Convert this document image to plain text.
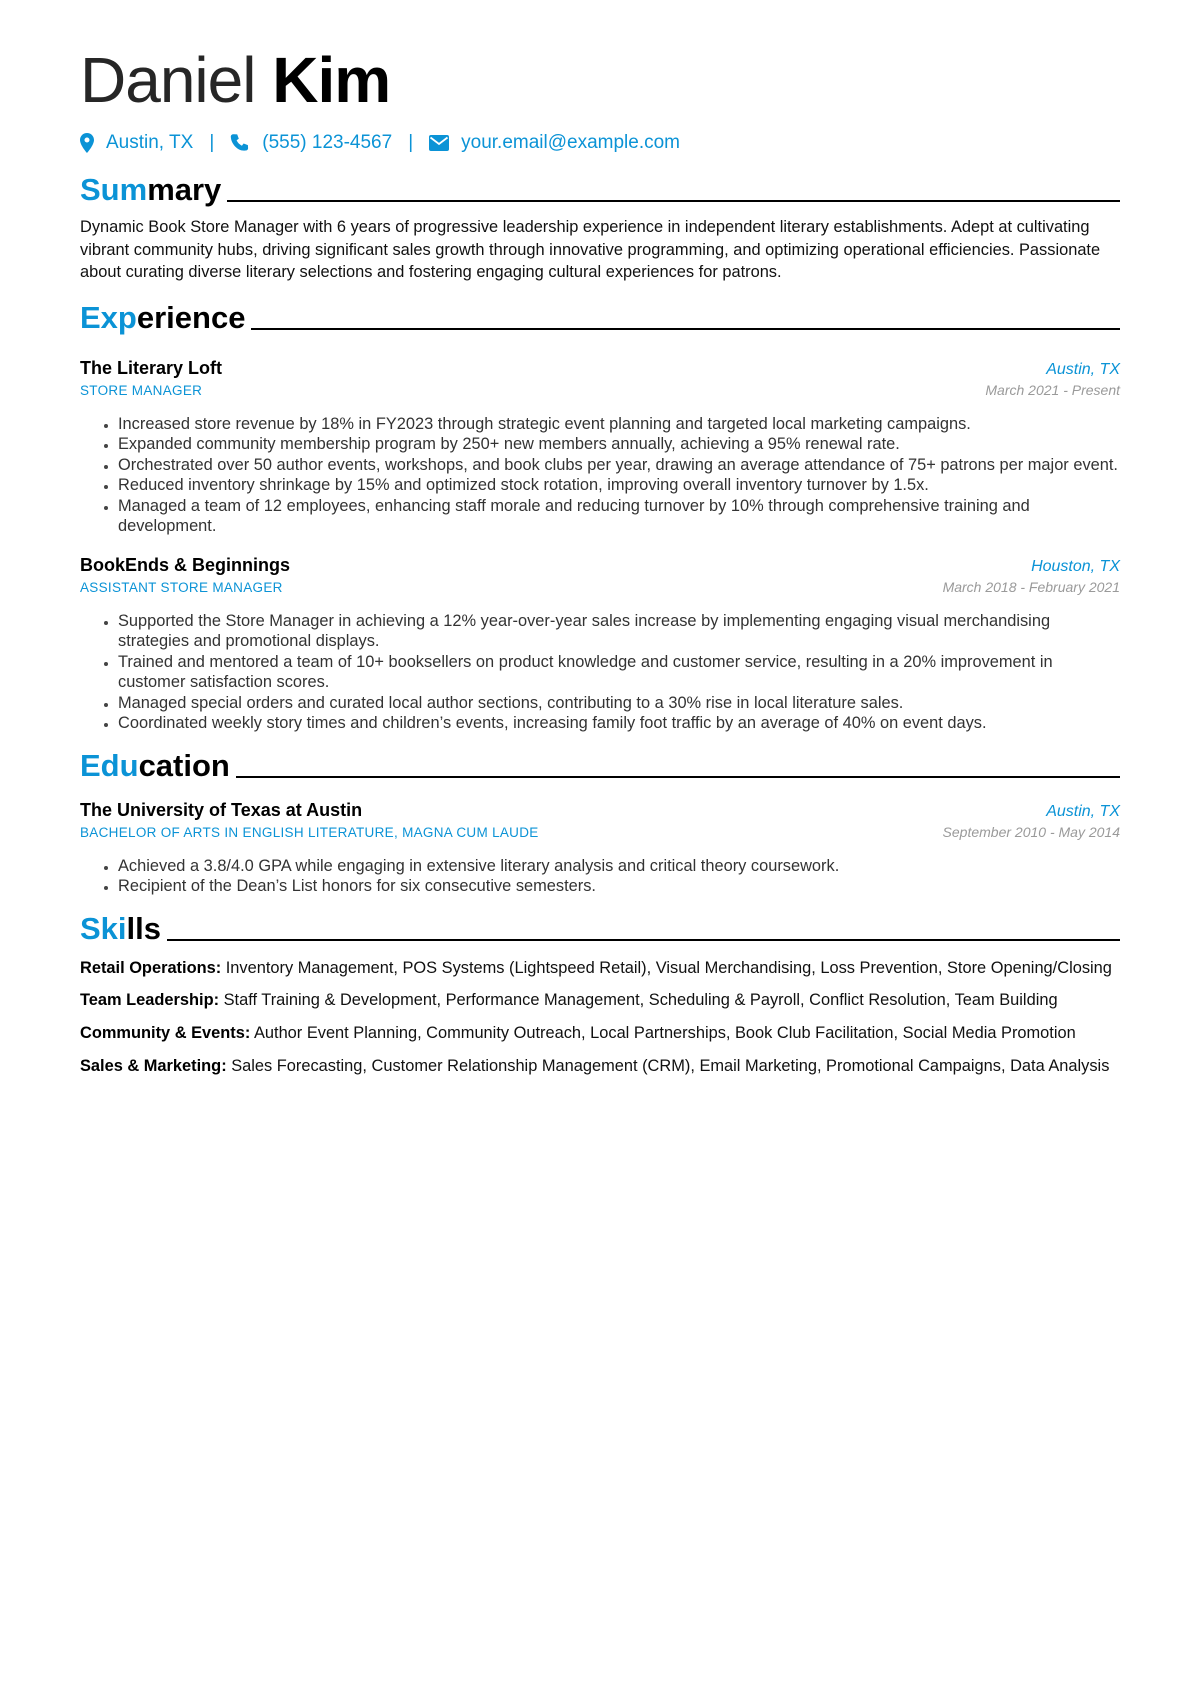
Daniel Kim
Austin, TX |	(555) 123-4567 |	your.email@example.com
Summary
Dynamic Book Store Manager with 6 years of progressive leadership experience in independent literary establishments. Adept at cultivating vibrant community hubs, driving significant sales growth through innovative programming, and optimizing operational efficiencies. Passionate about curating diverse literary selections and fostering engaging cultural experiences for patrons.
Experience
The Literary Loft	Austin, TX
STORE MANAGER	March 2021 - Present
• Increased store revenue by 18% in FY2023 through strategic event planning and targeted local marketing campaigns.
• Expanded community membership program by 250+ new members annually, achieving a 95% renewal rate.
• Orchestrated over 50 author events, workshops, and book clubs per year, drawing an average attendance of 75+ patrons per major event.
• Reduced inventory shrinkage by 15% and optimized stock rotation, improving overall inventory turnover by 1.5x.
• Managed a team of 12 employees, enhancing staff morale and reducing turnover by 10% through comprehensive training and development.
BookEnds & Beginnings	Houston, TX
ASSISTANT STORE MANAGER	March 2018 - February 2021
• Supported the Store Manager in achieving a 12% year-over-year sales increase by implementing engaging visual merchandising strategies and promotional displays.
• Trained and mentored a team of 10+ booksellers on product knowledge and customer service, resulting in a 20% improvement in customer satisfaction scores.
• Managed special orders and curated local author sections, contributing to a 30% rise in local literature sales.
• Coordinated weekly story times and children’s events, increasing family foot traffic by an average of 40% on event days.
Education
The University of Texas at Austin	Austin, TX
BACHELOR OF ARTS IN ENGLISH LITERATURE, MAGNA CUM LAUDE	September 2010 - May 2014
• Achieved a 3.8/4.0 GPA while engaging in extensive literary analysis and critical theory coursework.
• Recipient of the Dean’s List honors for six consecutive semesters.
Skills
Retail Operations: Inventory Management, POS Systems (Lightspeed Retail), Visual Merchandising, Loss Prevention, Store Opening/Closing
Team Leadership: Staff Training & Development, Performance Management, Scheduling & Payroll, Conflict Resolution, Team Building
Community & Events: Author Event Planning, Community Outreach, Local Partnerships, Book Club Facilitation, Social Media Promotion
Sales & Marketing: Sales Forecasting, Customer Relationship Management (CRM), Email Marketing, Promotional Campaigns, Data Analysis
